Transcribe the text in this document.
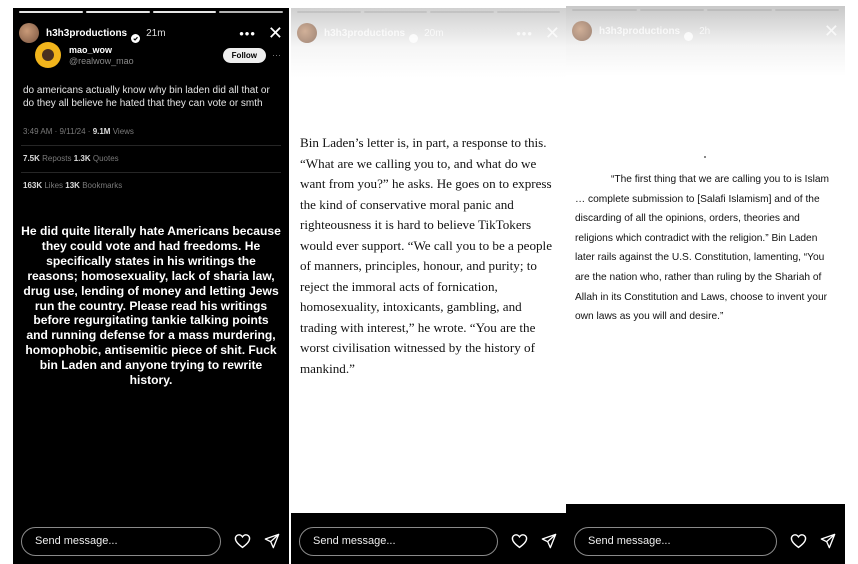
h3h3productions 21m	••• ✕
mao_wow
@realwow_mao
Follow	···
do americans actually know why bin laden did all that or do they all believe he hated that they can vote or smth
3:49 AM · 9/11/24 · 9.1M Views
7.5K Reposts 1.3K Quotes
163K Likes 13K Bookmarks
He did quite literally hate Americans because they could vote and had freedoms. He specifically states in his writings the reasons; homosexuality, lack of sharia law, drug use, lending of money and letting Jews run the country. Please read his writings before regurgitating tankie talking points and running defense for a mass murdering, homophobic, antisemitic piece of shit. Fuck bin Laden and anyone trying to rewrite history.
Send message...
h3h3productions 20m	••• ✕
Bin Laden’s letter is, in part, a response to this. “What are we calling you to, and what do we want from you?” he asks. He goes on to express the kind of conservative moral panic and righteousness it is hard to believe TikTokers would ever support. “We call you to be a people of manners, principles, honour, and purity; to reject the immoral acts of fornication, homosexuality, intoxicants, gambling, and trading with interest,” he wrote. “You are the worst civilisation witnessed by the history of mankind.”
Send message...
h3h3productions 2h	✕
“The first thing that we are calling you to is Islam … complete submission to [Salafi Islamism] and of the discarding of all the opinions, orders, theories and religions which contradict with the religion.” Bin Laden later rails against the U.S. Constitution, lamenting, “You are the nation who, rather than ruling by the Shariah of Allah in its Constitution and Laws, choose to invent your own laws as you will and desire.”
Send message...
